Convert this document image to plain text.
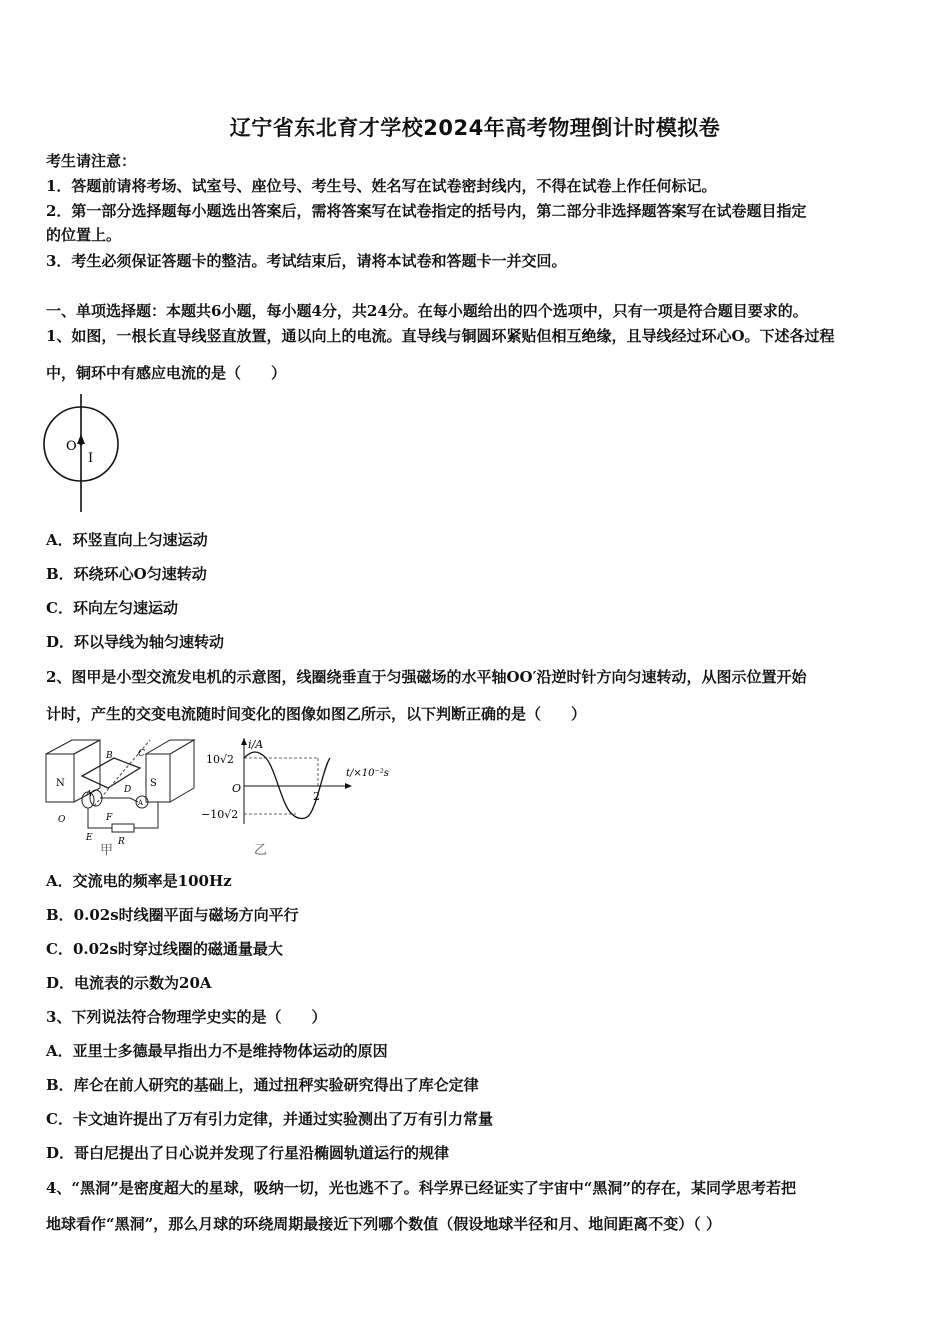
辽宁省东北育才学校2024年高考物理倒计时模拟卷
考生请注意：
1．答题前请将考场、试室号、座位号、考生号、姓名写在试卷密封线内，不得在试卷上作任何标记。
2．第一部分选择题每小题选出答案后，需将答案写在试卷指定的括号内，第二部分非选择题答案写在试卷题目指定
的位置上。
3．考生必须保证答题卡的整洁。考试结束后，请将本试卷和答题卡一并交回。
一、单项选择题：本题共6小题，每小题4分，共24分。在每小题给出的四个选项中，只有一项是符合题目要求的。
1、如图，一根长直导线竖直放置，通以向上的电流。直导线与铜圆环紧贴但相互绝缘，且导线经过环心O。下述各过程
中，铜环中有感应电流的是（　　）
O
I
A．环竖直向上匀速运动
B．环绕环心O匀速转动
C．环向左匀速运动
D．环以导线为轴匀速转动
2、图甲是小型交流发电机的示意图，线圈绕垂直于匀强磁场的水平轴OO′沿逆时针方向匀速转动，从图示位置开始
计时，产生的交变电流随时间变化的图像如图乙所示，以下判断正确的是（　　）
N	S
B	C
D
O
A
E
F
R
A
甲
i/A
t/×10⁻²s
10√2
−10√2
O
2
乙
A．交流电的频率是100Hz
B．0.02s时线圈平面与磁场方向平行
C．0.02s时穿过线圈的磁通量最大
D．电流表的示数为20A
3、下列说法符合物理学史实的是（　　）
A．亚里士多德最早指出力不是维持物体运动的原因
B．库仑在前人研究的基础上，通过扭秤实验研究得出了库仑定律
C．卡文迪许提出了万有引力定律，并通过实验测出了万有引力常量
D．哥白尼提出了日心说并发现了行星沿椭圆轨道运行的规律
4、“黑洞”是密度超大的星球，吸纳一切，光也逃不了。科学界已经证实了宇宙中“黑洞”的存在，某同学思考若把
地球看作“黑洞”，那么月球的环绕周期最接近下列哪个数值（假设地球半径和月、地间距离不变）（ ）
